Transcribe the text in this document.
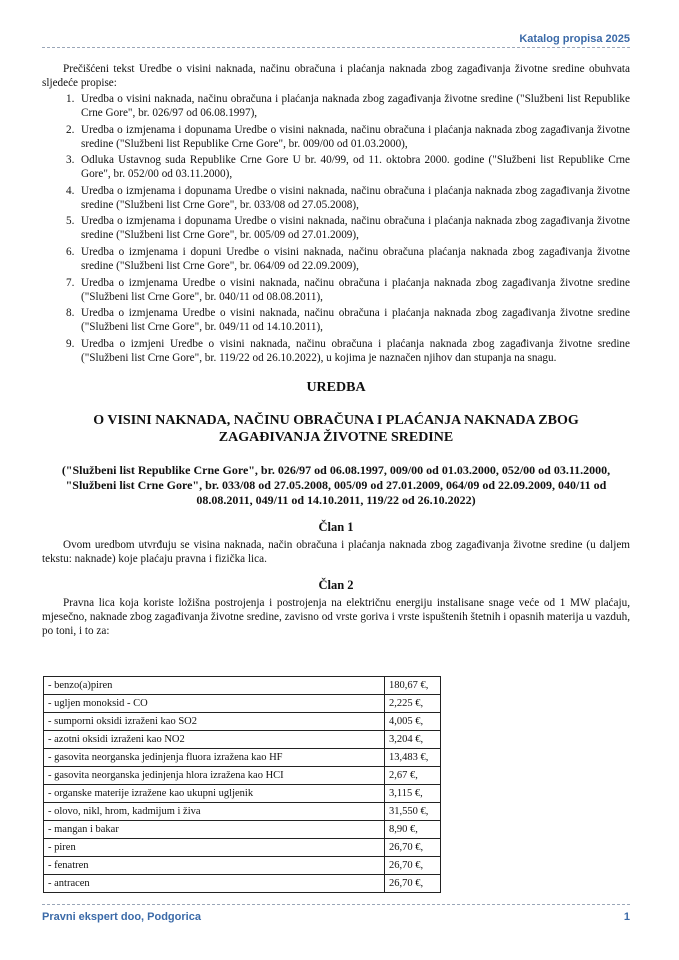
Katalog propisa 2025

Prečišćeni tekst Uredbe o visini naknada, načinu obračuna i plaćanja naknada zbog zagađivanja životne sredine obuhvata sljedeće propise:

1. Uredba o visini naknada, načinu obračuna i plaćanja naknada zbog zagađivanja životne sredine ("Službeni list Republike Crne Gore", br. 026/97 od 06.08.1997),
2. Uredba o izmjenama i dopunama Uredbe o visini naknada, načinu obračuna i plaćanja naknada zbog zagađivanja životne sredine ("Službeni list Republike Crne Gore", br. 009/00 od 01.03.2000),
3. Odluka Ustavnog suda Republike Crne Gore U br. 40/99, od 11. oktobra 2000. godine ("Službeni list Republike Crne Gore", br. 052/00 od 03.11.2000),
4. Uredba o izmjenama i dopunama Uredbe o visini naknada, načinu obračuna i plaćanja naknada zbog zagađivanja životne sredine ("Službeni list Crne Gore", br. 033/08 od 27.05.2008),
5. Uredba o izmjenama i dopunama Uredbe o visini naknada, načinu obračuna i plaćanja naknada zbog zagađivanja životne sredine ("Službeni list Crne Gore", br. 005/09 od 27.01.2009),
6. Uredba o izmjenama i dopuni Uredbe o visini naknada, načinu obračuna plaćanja naknada zbog zagađivanja životne sredine ("Službeni list Crne Gore", br. 064/09 od 22.09.2009),
7. Uredba o izmjenama Uredbe o visini naknada, načinu obračuna i plaćanja naknada zbog zagađivanja životne sredine ("Službeni list Crne Gore", br. 040/11 od 08.08.2011),
8. Uredba o izmjenama Uredbe o visini naknada, načinu obračuna i plaćanja naknada zbog zagađivanja životne sredine ("Službeni list Crne Gore", br. 049/11 od 14.10.2011),
9. Uredba o izmjeni Uredbe o visini naknada, načinu obračuna i plaćanja naknada zbog zagađivanja životne sredine ("Službeni list Crne Gore", br. 119/22 od 26.10.2022), u kojima je naznačen njihov dan stupanja na snagu.
UREDBA
O VISINI NAKNADA, NAČINU OBRAČUNA I PLAĆANJA NAKNADA ZBOG ZAGAĐIVANJA ŽIVOTNE SREDINE
("Službeni list Republike Crne Gore", br. 026/97 od 06.08.1997, 009/00 od 01.03.2000, 052/00 od 03.11.2000, "Službeni list Crne Gore", br. 033/08 od 27.05.2008, 005/09 od 27.01.2009, 064/09 od 22.09.2009, 040/11 od 08.08.2011, 049/11 od 14.10.2011, 119/22 od 26.10.2022)
Član 1

Ovom uredbom utvrđuju se visina naknada, način obračuna i plaćanja naknada zbog zagađivanja životne sredine (u daljem tekstu: naknade) koje plaćaju pravna i fizička lica.

Član 2

Pravna lica koja koriste ložišna postrojenja i postrojenja na električnu energiju instalisane snage veće od 1 MW plaćaju, mjesečno, naknade zbog zagađivanja životne sredine, zavisno od vrste goriva i vrste ispuštenih štetnih i opasnih materija u vazduh, po toni, i to za:

- benzo(a)piren	180,67 €,
- ugljen monoksid - CO	2,225 €,
- sumporni oksidi izraženi kao SO2	4,005 €,
- azotni oksidi izraženi kao NO2	3,204 €,
- gasovita neorganska jedinjenja fluora izražena kao HF	13,483 €,
- gasovita neorganska jedinjenja hlora izražena kao HCI	2,67 €,
- organske materije izražene kao ukupni ugljenik	3,115 €,
- olovo, nikl, hrom, kadmijum i živa	31,550 €,
- mangan i bakar	8,90 €,
- piren	26,70 €,
- fenatren	26,70 €,
- antracen	26,70 €,
Pravni ekspert doo, Podgorica	1
